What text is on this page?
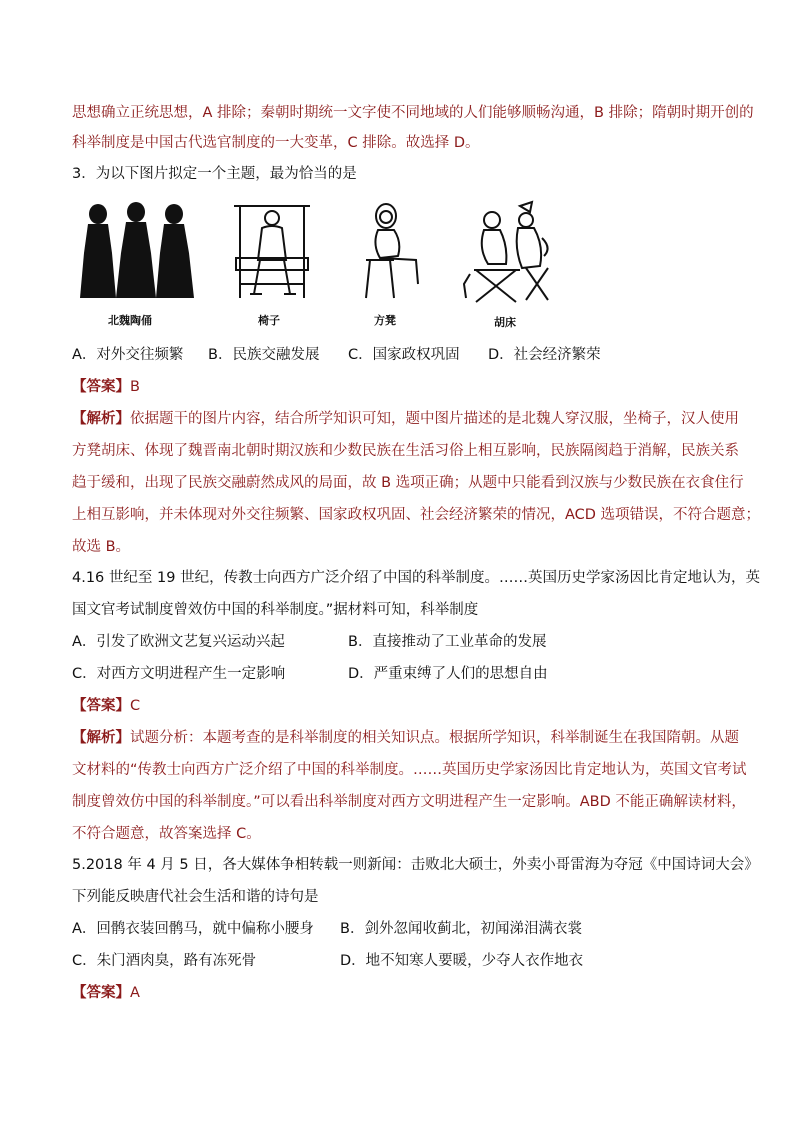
思想确立正统思想，A 排除；秦朝时期统一文字使不同地域的人们能够顺畅沟通，B 排除；隋朝时期开创的
科举制度是中国古代选官制度的一大变革，C 排除。故选择 D。
3．为以下图片拟定一个主题，最为恰当的是
北魏陶俑	椅子	方凳	胡床
A．对外交往频繁 B．民族交融发展 C．国家政权巩固 D．社会经济繁荣
【答案】B
【解析】依据题干的图片内容，结合所学知识可知，题中图片描述的是北魏人穿汉服，坐椅子，汉人使用
方凳胡床、体现了魏晋南北朝时期汉族和少数民族在生活习俗上相互影响，民族隔阂趋于消解，民族关系
趋于缓和，出现了民族交融蔚然成风的局面，故 B 选项正确；从题中只能看到汉族与少数民族在衣食住行
上相互影响，并未体现对外交往频繁、国家政权巩固、社会经济繁荣的情况，ACD 选项错误，不符合题意；
故选 B。
4.16 世纪至 19 世纪，传教士向西方广泛介绍了中国的科举制度。……英国历史学家汤因比肯定地认为，英
国文官考试制度曾效仿中国的科举制度。”据材料可知，科举制度
A．引发了欧洲文艺复兴运动兴起	B．直接推动了工业革命的发展
C．对西方文明进程产生一定影响	D．严重束缚了人们的思想自由
【答案】C
【解析】试题分析：本题考查的是科举制度的相关知识点。根据所学知识，科举制诞生在我国隋朝。从题
文材料的“传教士向西方广泛介绍了中国的科举制度。……英国历史学家汤因比肯定地认为，英国文官考试
制度曾效仿中国的科举制度。”可以看出科举制度对西方文明进程产生一定影响。ABD 不能正确解读材料，
不符合题意，故答案选择 C。
5.2018 年 4 月 5 日，各大媒体争相转载一则新闻：击败北大硕士，外卖小哥雷海为夺冠《中国诗词大会》
下列能反映唐代社会生活和谐的诗句是
A．回鹘衣装回鹘马，就中偏称小腰身 B．剑外忽闻收蓟北，初闻涕泪满衣裳
C．朱门酒肉臭，路有冻死骨	D．地不知寒人要暖，少夺人衣作地衣
【答案】A
